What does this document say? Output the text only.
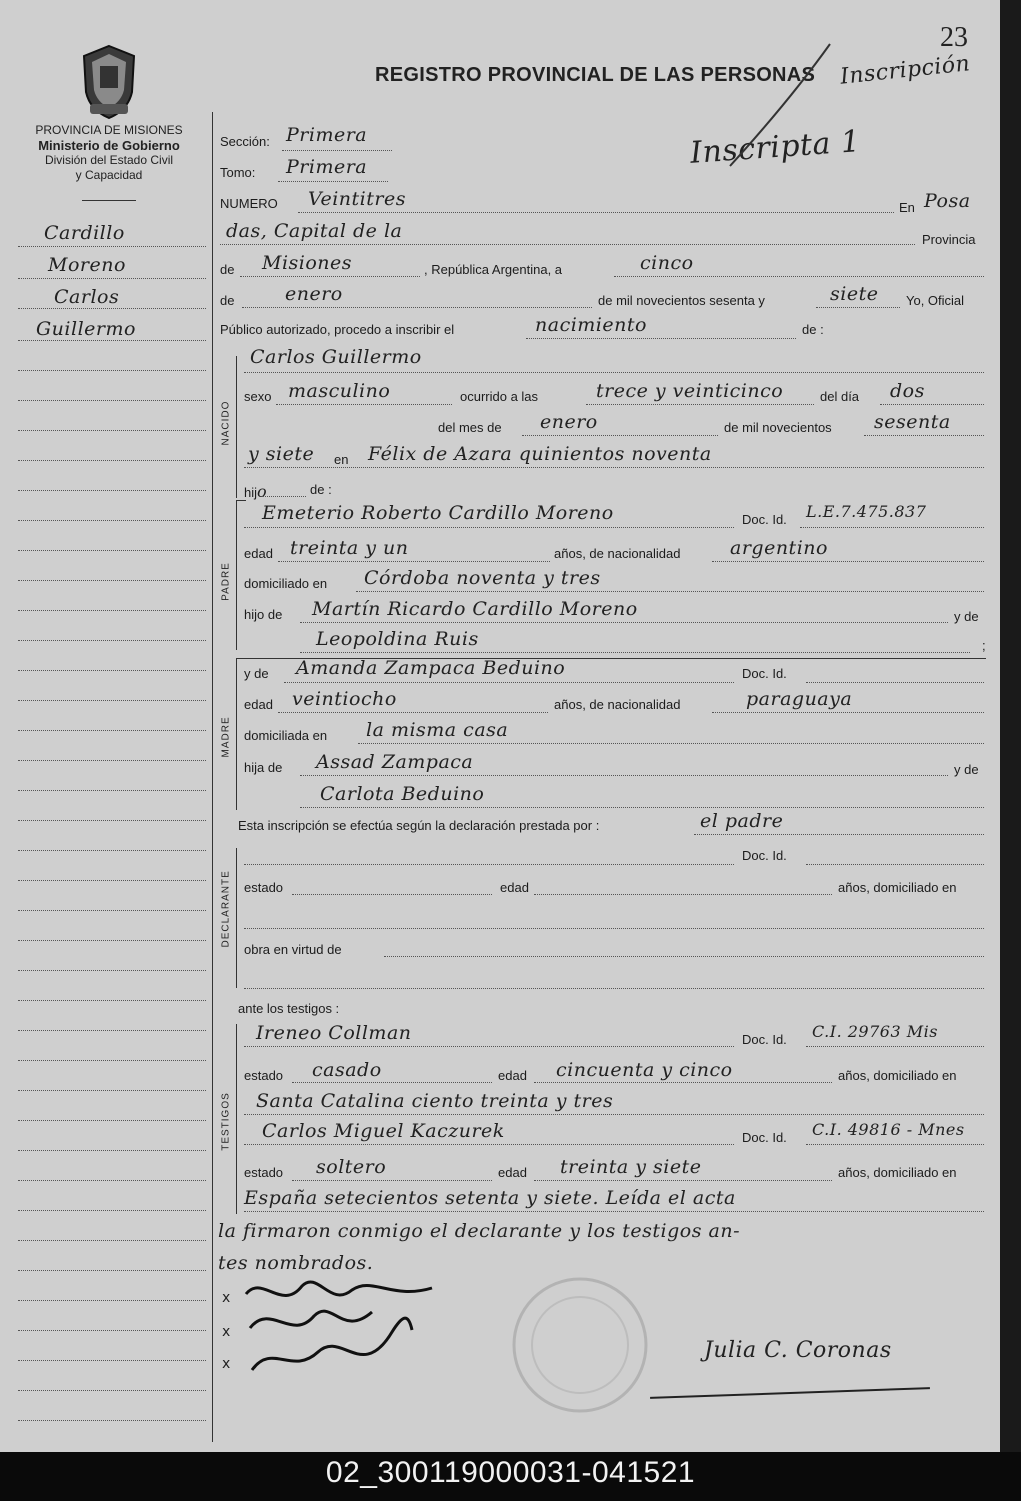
PROVINCIA DE MISIONES
Ministerio de Gobierno
División del Estado Civil
y Capacidad
REGISTRO PROVINCIAL DE LAS PERSONAS
23
Inscripción
Inscripta 1
Cardillo
Moreno
Carlos
Guillermo
Sección: Primera
Tomo: Primera
NUMERO Veintitres	En Posa
das, Capital de la	Provincia
de Misiones	, República Argentina, a	cinco
de	enero	de mil novecientos sesenta y	siete Yo, Oficial
Público autorizado, procedo a inscribir el	nacimiento	de :
NACIDO
Carlos Guillermo
sexo masculino	ocurrido a las	trece y veinticinco	del día dos
del mes de enero	de mil novecientos sesenta
y siete en Félix de Azara quinientos noventa
hijo	de :
PADRE
Emeterio Roberto Cardillo Moreno	Doc. Id. L.E.7.475.837
edad treinta y un	años, de nacionalidad	argentino
domiciliado en Córdoba noventa y tres
hijo de Martín Ricardo Cardillo Moreno	y de
Leopoldina Ruis	;
MADRE
y de Amanda Zampaca Beduino	Doc. Id.
edad veintiocho	años, de nacionalidad	paraguaya
domiciliada en la misma casa
hija de Assad Zampaca	y de
Carlota Beduino
Esta inscripción se efectúa según la declaración prestada por :	el padre
Doc. Id.
DECLARANTE estado	edad	años, domiciliado en
obra en virtud de
ante los testigos :
TESTIGOS
Ireneo Collman	Doc. Id. C.I. 29763 Mis
estado casado	edad cincuenta y cinco	años, domiciliado en
Santa Catalina ciento treinta y tres
Carlos Miguel Kaczurek	Doc. Id. C.I. 49816 - Mnes
estado soltero	edad treinta y siete	años, domiciliado en
España setecientos setenta y siete. Leída el acta
la firmaron conmigo el declarante y los testigos an-
tes nombrados.
x
x
x
Julia C. Coronas
02_300119000031-041521
